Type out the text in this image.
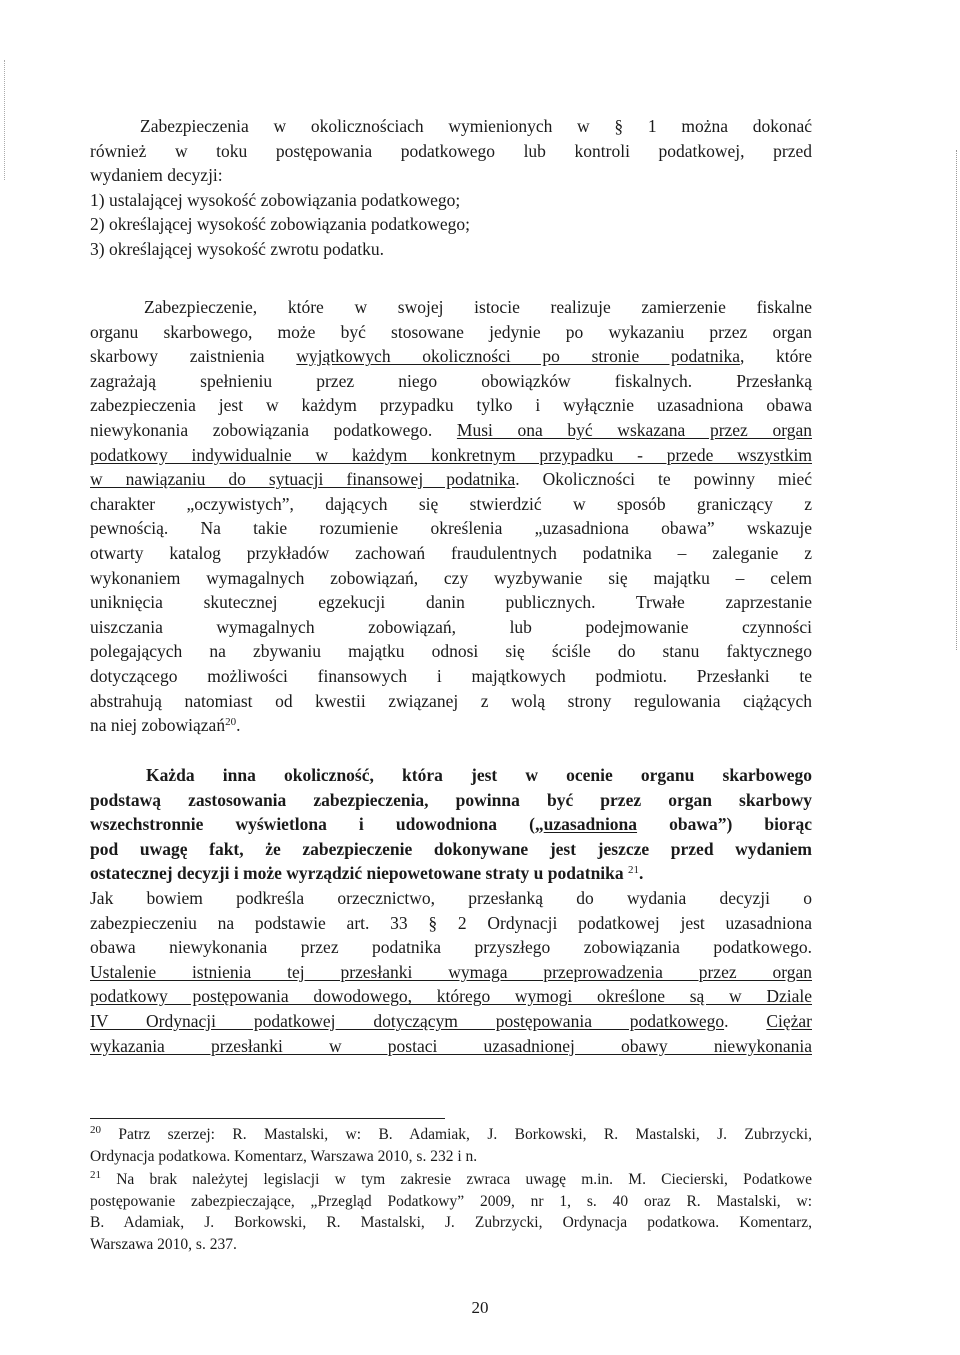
Zabezpieczenia w okolicznościach wymienionych w § 1 można dokonać
również w toku postępowania podatkowego lub kontroli podatkowej, przed
wydaniem decyzji:
1) ustalającej wysokość zobowiązania podatkowego;
2) określającej wysokość zobowiązania podatkowego;
3) określającej wysokość zwrotu podatku.
Zabezpieczenie, które w swojej istocie realizuje zamierzenie fiskalne
organu skarbowego, może być stosowane jedynie po wykazaniu przez organ
skarbowy zaistnienia wyjątkowych okoliczności po stronie podatnika, które
zagrażają spełnieniu przez niego obowiązków fiskalnych. Przesłanką
zabezpieczenia jest w każdym przypadku tylko i wyłącznie uzasadniona obawa
niewykonania zobowiązania podatkowego. Musi ona być wskazana przez organ
podatkowy indywidualnie w każdym konkretnym przypadku - przede wszystkim
w nawiązaniu do sytuacji finansowej podatnika. Okoliczności te powinny mieć
charakter „oczywistych”, dających się stwierdzić w sposób graniczący z
pewnością. Na takie rozumienie określenia „uzasadniona obawa” wskazuje
otwarty katalog przykładów zachowań fraudulentnych podatnika – zaleganie z
wykonaniem wymagalnych zobowiązań, czy wyzbywanie się majątku – celem
uniknięcia skutecznej egzekucji danin publicznych. Trwałe zaprzestanie
uiszczania wymagalnych zobowiązań, lub podejmowanie czynności
polegających na zbywaniu majątku odnosi się ściśle do stanu faktycznego
dotyczącego możliwości finansowych i majątkowych podmiotu. Przesłanki te
abstrahują natomiast od kwestii związanej z wolą strony regulowania ciążących
na niej zobowiązań$^{20}$.
Każda inna okoliczność, która jest w ocenie organu skarbowego
podstawą zastosowania zabezpieczenia, powinna być przez organ skarbowy
wszechstronnie wyświetlona i udowodniona („uzasadniona obawa”) biorąc
pod uwagę fakt, że zabezpieczenie dokonywane jest jeszcze przed wydaniem
ostatecznej decyzji i może wyrządzić niepowetowane straty u podatnika $^{21}$.
Jak bowiem podkreśla orzecznictwo, przesłanką do wydania decyzji o
zabezpieczeniu na podstawie art. 33 § 2 Ordynacji podatkowej jest uzasadniona
obawa niewykonania przez podatnika przyszłego zobowiązania podatkowego.
Ustalenie istnienia tej przesłanki wymaga przeprowadzenia przez organ
podatkowy postępowania dowodowego, którego wymogi określone są w Dziale
IV Ordynacji podatkowej dotyczącym postępowania podatkowego. Ciężar
wykazania przesłanki w postaci uzasadnionej obawy niewykonania
$^{20}$ Patrz szerzej: R. Mastalski, w: B. Adamiak, J. Borkowski, R. Mastalski, J. Zubrzycki,
Ordynacja podatkowa. Komentarz, Warszawa 2010, s. 232 i n.
$^{21}$ Na brak należytej legislacji w tym zakresie zwraca uwagę m.in. M. Ciecierski, Podatkowe
postępowanie zabezpieczające, „Przegląd Podatkowy” 2009, nr 1, s. 40 oraz R. Mastalski, w:
B. Adamiak, J. Borkowski, R. Mastalski, J. Zubrzycki, Ordynacja podatkowa. Komentarz,
Warszawa 2010, s. 237.
20
